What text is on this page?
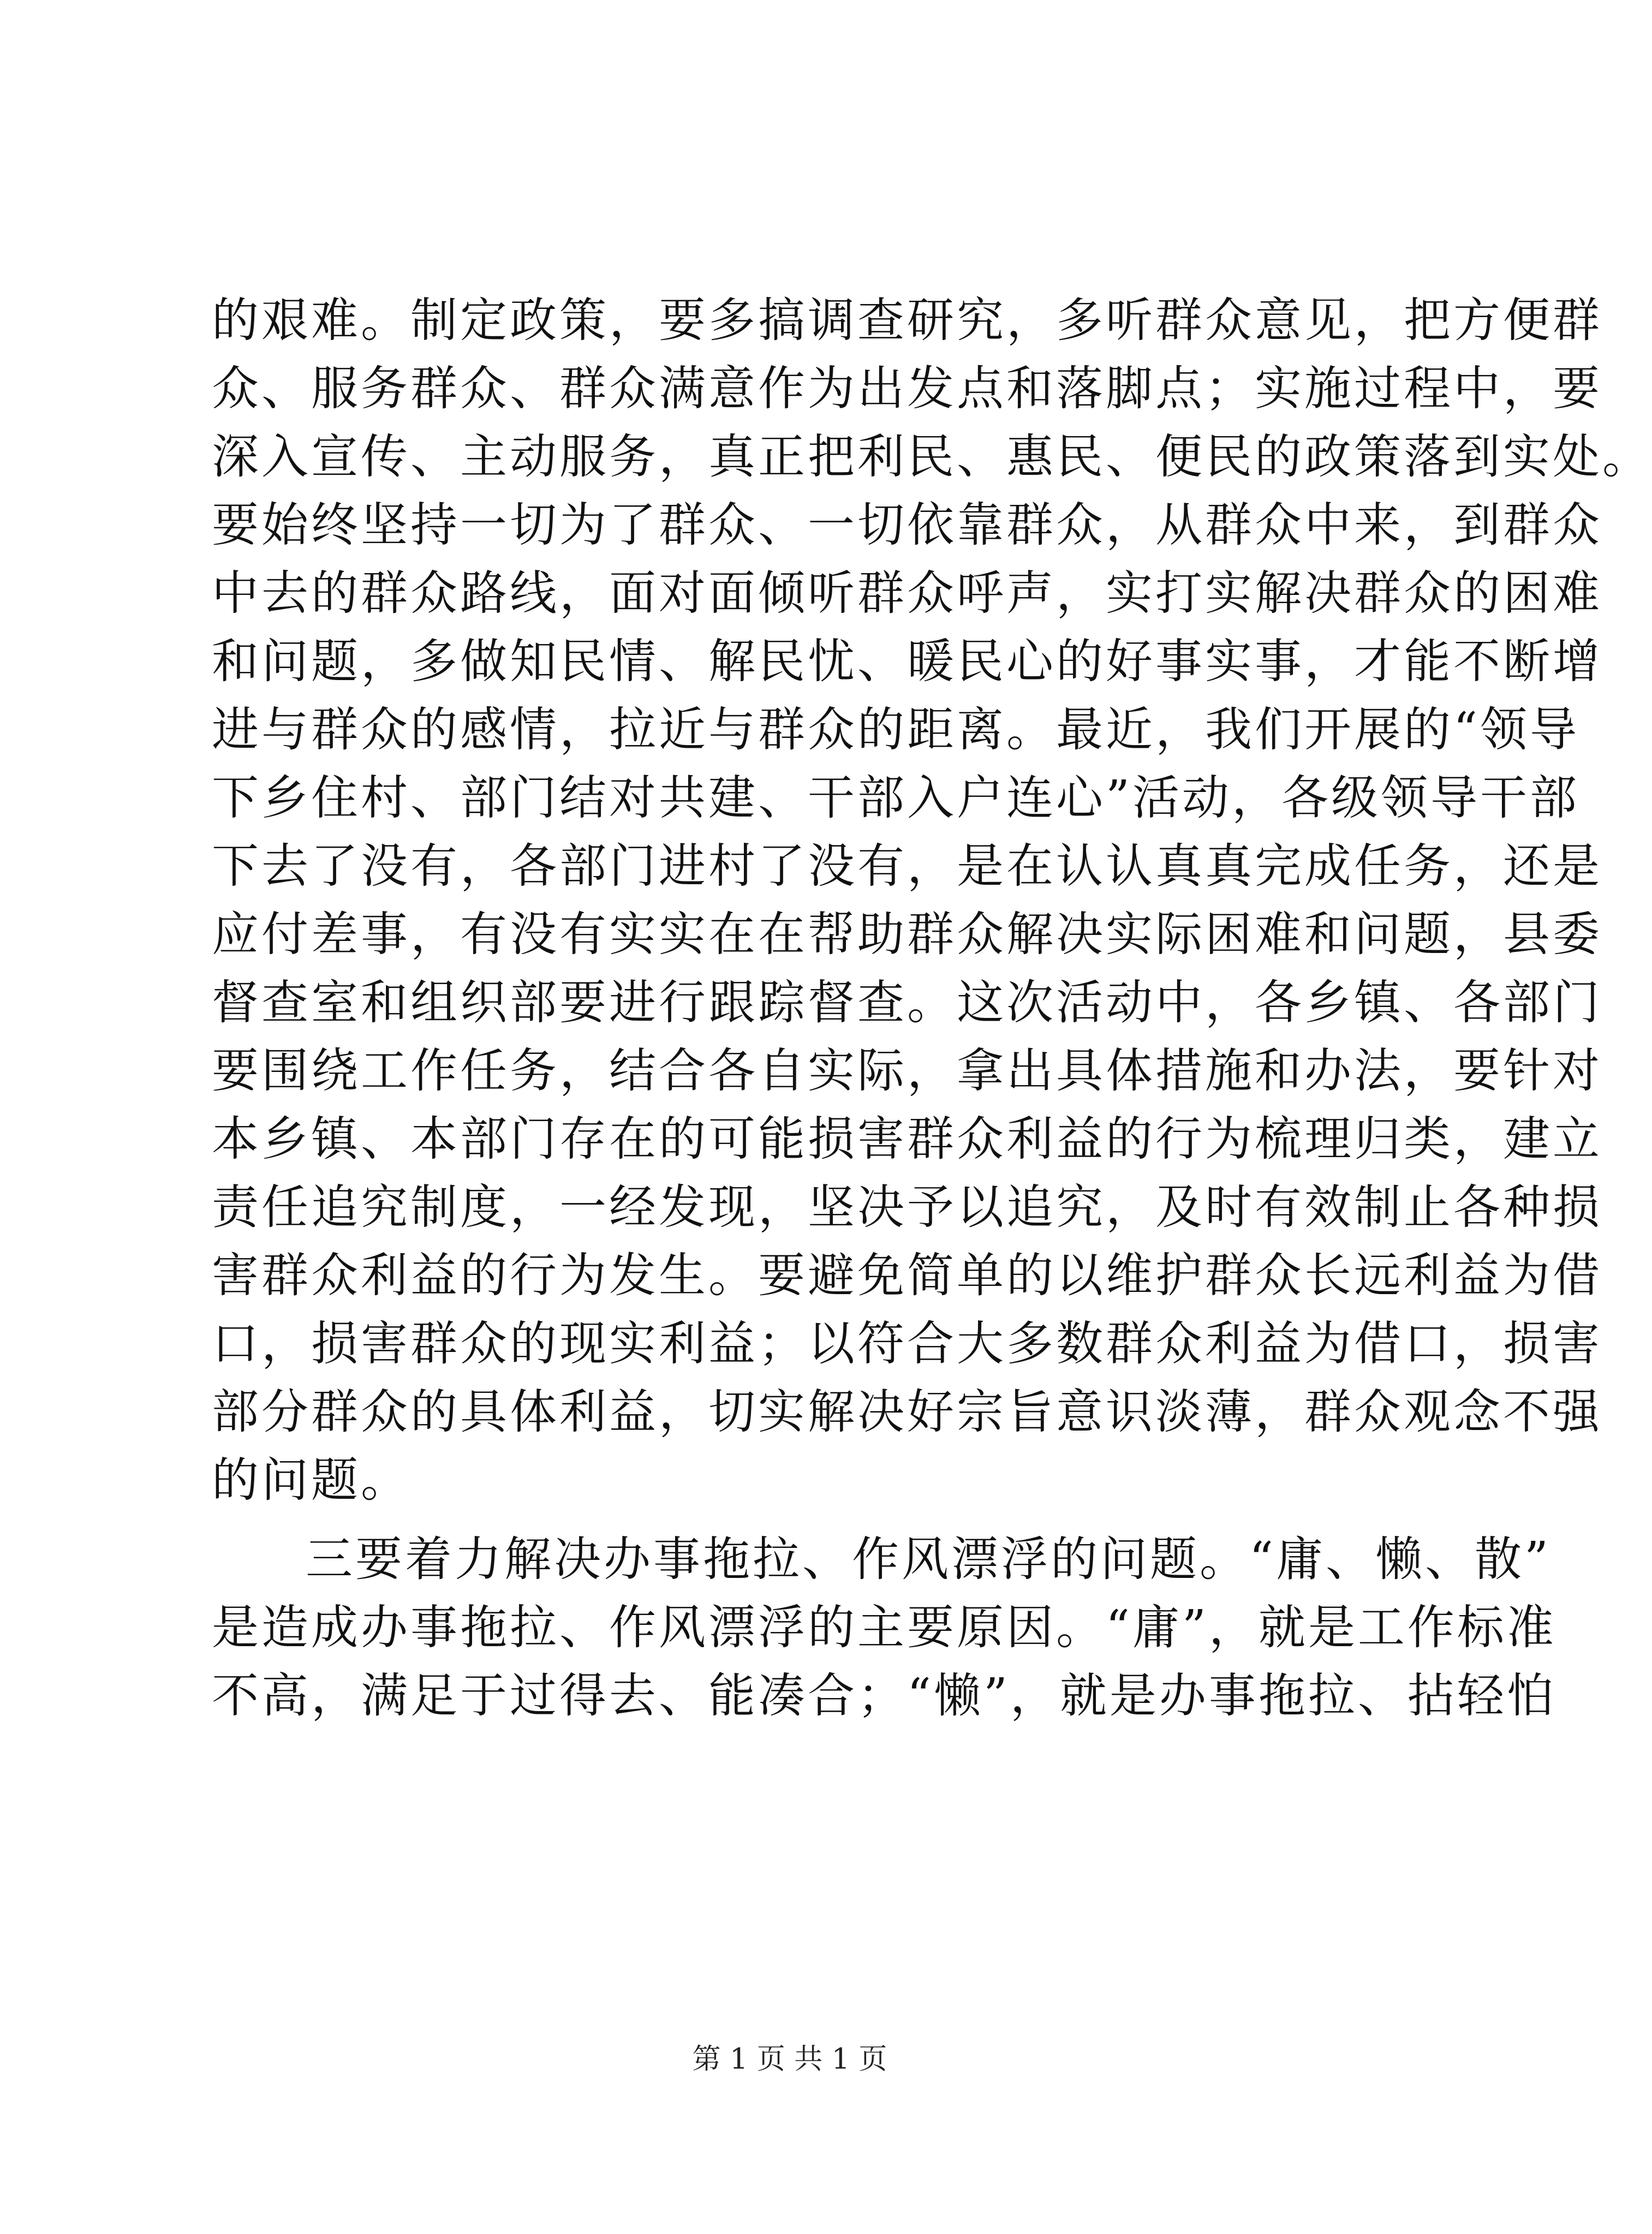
的艰难。制定政策，要多搞调查研究，多听群众意见，把方便群
众、服务群众、群众满意作为出发点和落脚点；实施过程中，要
深入宣传、主动服务，真正把利民、惠民、便民的政策落到实处。
要始终坚持一切为了群众、一切依靠群众，从群众中来，到群众
中去的群众路线，面对面倾听群众呼声，实打实解决群众的困难
和问题，多做知民情、解民忧、暖民心的好事实事，才能不断增
进与群众的感情，拉近与群众的距离。最近，我们开展的“领导
下乡住村、部门结对共建、干部入户连心”活动，各级领导干部
下去了没有，各部门进村了没有，是在认认真真完成任务，还是
应付差事，有没有实实在在帮助群众解决实际困难和问题，县委
督查室和组织部要进行跟踪督查。这次活动中，各乡镇、各部门
要围绕工作任务，结合各自实际，拿出具体措施和办法，要针对
本乡镇、本部门存在的可能损害群众利益的行为梳理归类，建立
责任追究制度，一经发现，坚决予以追究，及时有效制止各种损
害群众利益的行为发生。要避免简单的以维护群众长远利益为借
口，损害群众的现实利益；以符合大多数群众利益为借口，损害
部分群众的具体利益，切实解决好宗旨意识淡薄，群众观念不强
的问题。
三要着力解决办事拖拉、作风漂浮的问题。“庸、懒、散”
是造成办事拖拉、作风漂浮的主要原因。“庸”，就是工作标准
不高，满足于过得去、能凑合；“懒”，就是办事拖拉、拈轻怕
第 1 页 共 1 页
